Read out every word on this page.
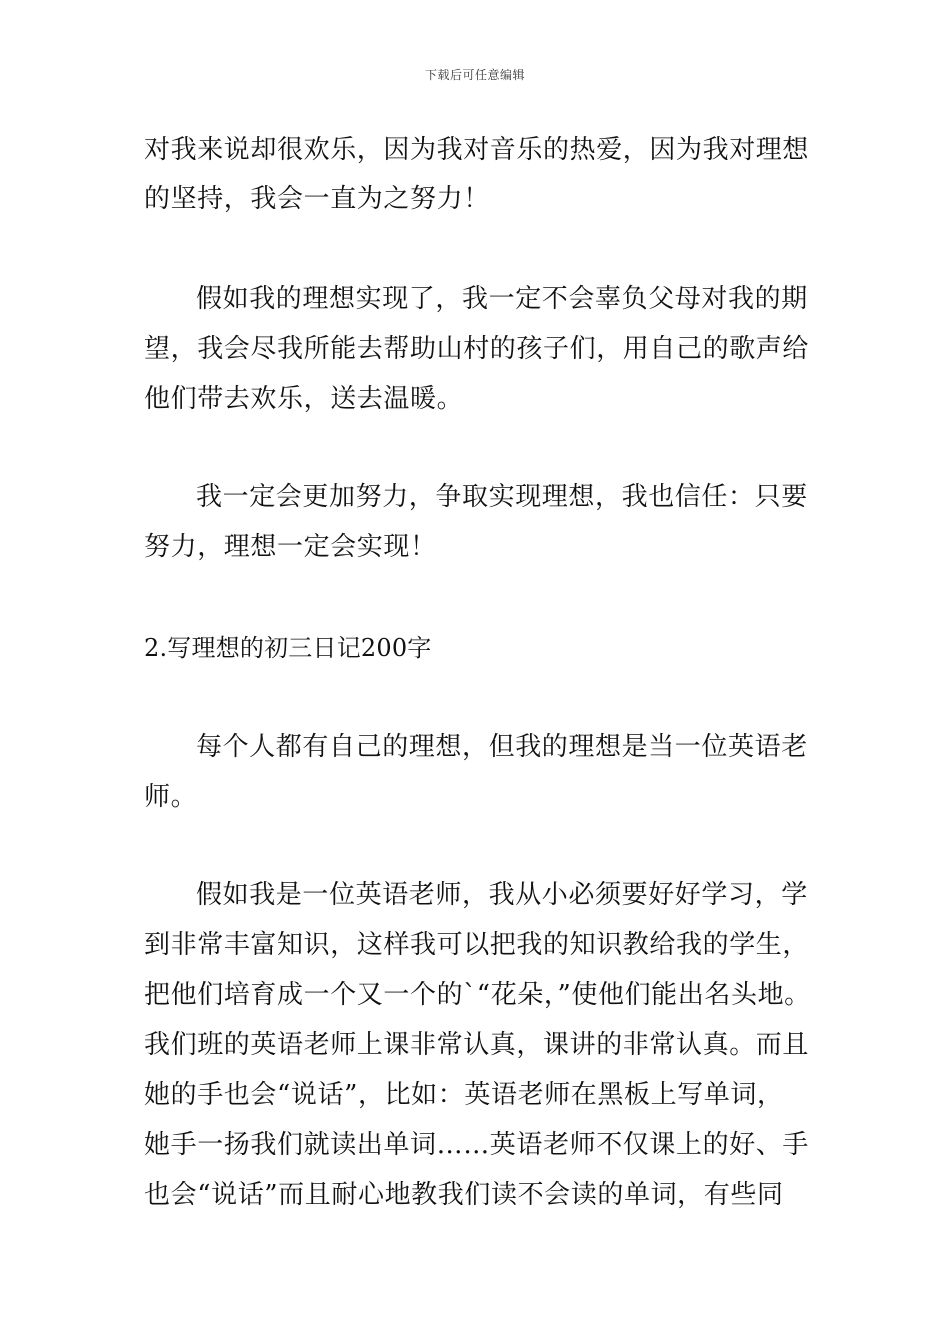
下载后可任意编辑
对我来说却很欢乐，因为我对音乐的热爱，因为我对理想
的坚持，我会一直为之努力！
假如我的理想实现了，我一定不会辜负父母对我的期
望，我会尽我所能去帮助山村的孩子们，用自己的歌声给
他们带去欢乐，送去温暖。
我一定会更加努力，争取实现理想，我也信任：只要
努力，理想一定会实现！
2.写理想的初三日记200字
每个人都有自己的理想，但我的理想是当一位英语老
师。
假如我是一位英语老师，我从小必须要好好学习，学
到非常丰富知识，这样我可以把我的知识教给我的学生，
把他们培育成一个又一个的`“花朵，”使他们能出名头地。
我们班的英语老师上课非常认真，课讲的非常认真。而且
她的手也会“说话”，比如：英语老师在黑板上写单词，
她手一扬我们就读出单词……英语老师不仅课上的好、手
也会“说话”而且耐心地教我们读不会读的单词，有些同
